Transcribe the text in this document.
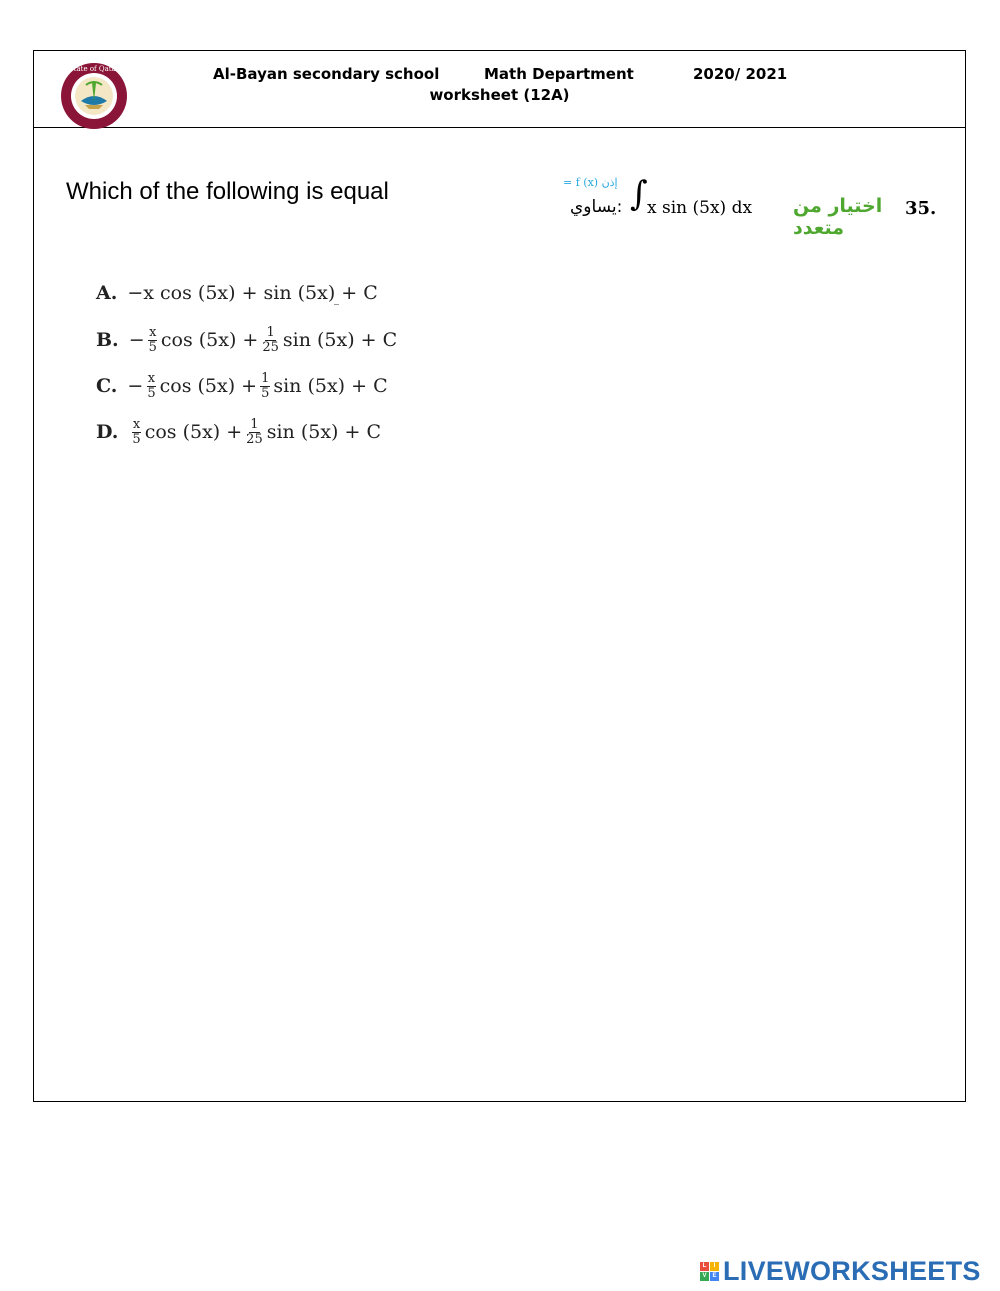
State of Qatar	Al-Bayan secondary school	Math Department	2020/ 2021
worksheet (12A)
Which of the following is equal	= f (x) إذن
يساوي: ∫ x sin (5x) dx اختيار من متعدد
35.
A. −x cos (5x) + sin (5x) + C
B. − $\frac{x}{5}$ $\cos (5x) + \frac{1}{25}$ sin (5x) + C
C. − $\frac{x}{5}$ $\cos (5x) + \frac{1}{5}$ sin (5x) + C
D. $\frac{x}{5}$ $\cos (5x) + \frac{1}{25}$ sin (5x) + C
L	I
V E LIVEWORKSHEETS
